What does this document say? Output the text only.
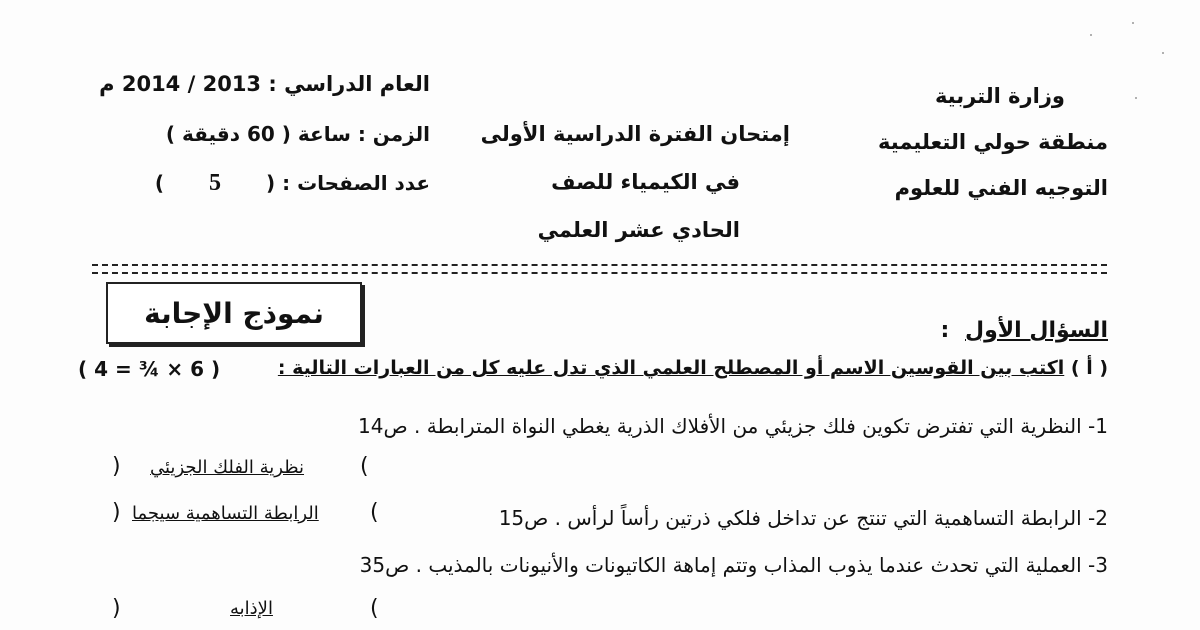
العام الدراسي : 2013 / 2014 م
الزمن : ساعة ( 60 دقيقة )
عدد الصفحات : ( 5 )
إمتحان الفترة الدراسية الأولى
في الكيمياء للصف
الحادي عشر العلمي
وزارة التربية
منطقة حولي التعليمية
التوجيه الفني للعلوم
نموذج الإجابة
السؤال الأول :
( أ ) اكتب بين القوسين الاسم أو المصطلح العلمي الذي تدل عليه كل من العبارات التالية :
( 6 × ¾ = 4 )
1- النظرية التي تفترض تكوين فلك جزيئي من الأفلاك الذرية يغطي النواة المترابطة . ص14
(
نظرية الفلك الجزيئي
)
2- الرابطة التساهمية التي تنتج عن تداخل فلكي ذرتين رأساً لرأس . ص15
(
الرابطة التساهمية سيجما
)
3- العملية التي تحدث عندما يذوب المذاب وتتم إماهة الكاتيونات والأنيونات بالمذيب . ص35
(
الإذابه
)
